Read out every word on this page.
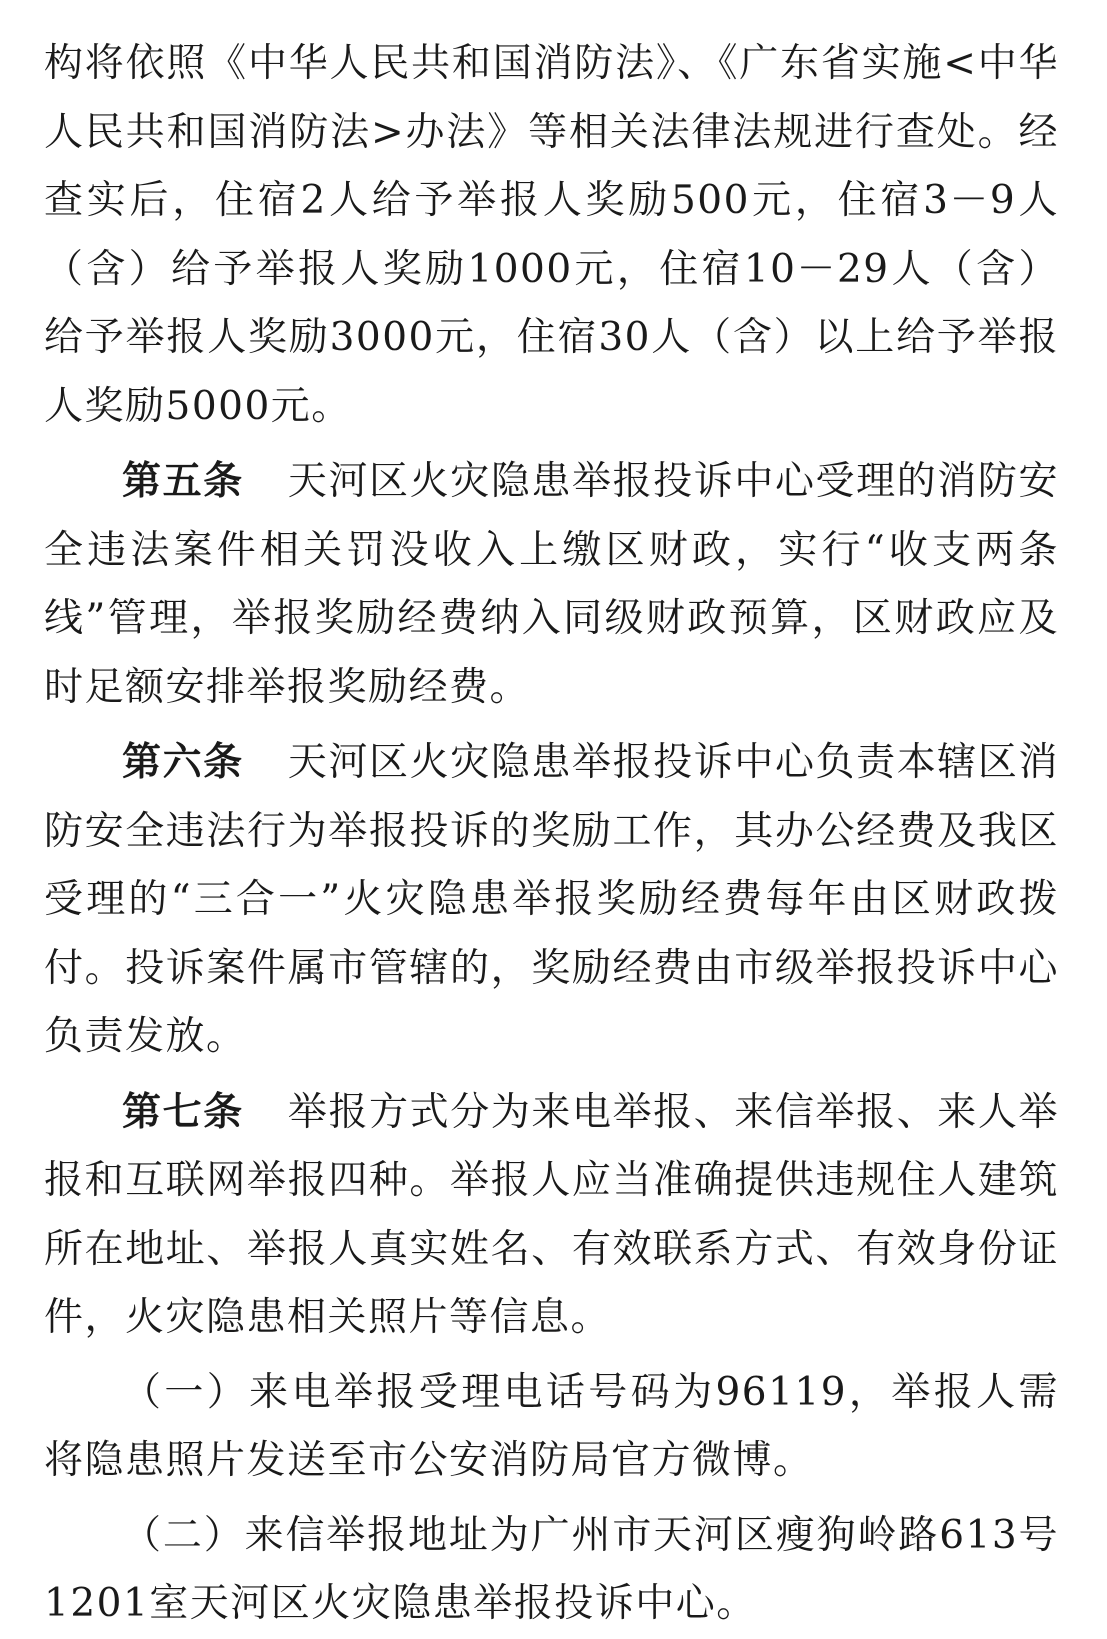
构将依照《中华人民共和国消防法》、《广东省实施<中华人民共和国消防法>办法》等相关法律法规进行查处。经查实后，住宿2人给予举报人奖励500元，住宿3－9人（含）给予举报人奖励1000元，住宿10－29人（含）给予举报人奖励3000元，住宿30人（含）以上给予举报人奖励5000元。

第五条 天河区火灾隐患举报投诉中心受理的消防安全违法案件相关罚没收入上缴区财政，实行“收支两条线”管理，举报奖励经费纳入同级财政预算，区财政应及时足额安排举报奖励经费。

第六条 天河区火灾隐患举报投诉中心负责本辖区消防安全违法行为举报投诉的奖励工作，其办公经费及我区受理的“三合一”火灾隐患举报奖励经费每年由区财政拨付。投诉案件属市管辖的，奖励经费由市级举报投诉中心负责发放。

第七条 举报方式分为来电举报、来信举报、来人举报和互联网举报四种。举报人应当准确提供违规住人建筑所在地址、举报人真实姓名、有效联系方式、有效身份证件，火灾隐患相关照片等信息。

（一）来电举报受理电话号码为96119，举报人需将隐患照片发送至市公安消防局官方微博。

（二）来信举报地址为广州市天河区瘦狗岭路613号1201室天河区火灾隐患举报投诉中心。
